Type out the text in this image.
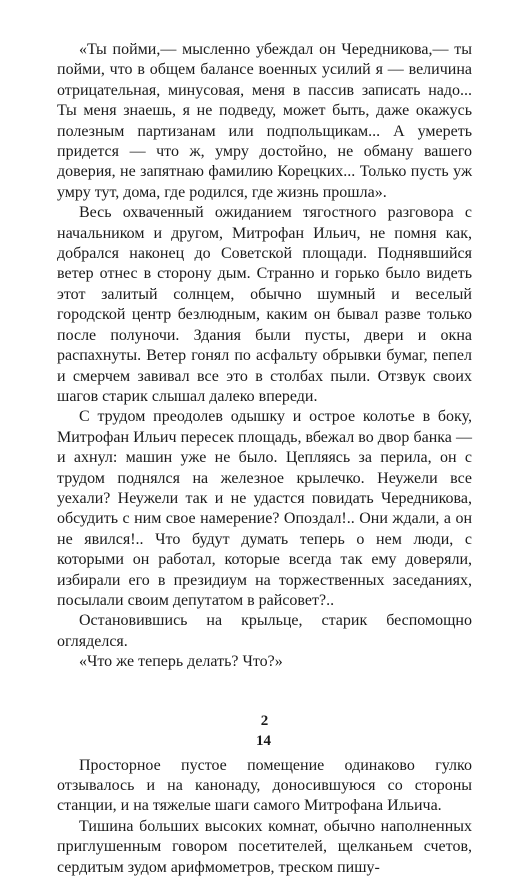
«Ты пойми,— мысленно убеждал он Чередникова,— ты пойми, что в общем балансе военных усилий я — величина отрицательная, минусовая, меня в пассив записать надо... Ты меня знаешь, я не подведу, может быть, даже окажусь полезным партизанам или подпольщикам... А умереть придется — что ж, умру достойно, не обману вашего доверия, не запятнаю фамилию Корецких... Только пусть уж умру тут, дома, где родился, где жизнь прошла».

Весь охваченный ожиданием тягостного разговора с начальником и другом, Митрофан Ильич, не помня как, добрался наконец до Советской площади. Поднявшийся ветер отнес в сторону дым. Странно и горько было видеть этот залитый солнцем, обычно шумный и веселый городской центр безлюдным, каким он бывал разве только после полуночи. Здания были пусты, двери и окна распахнуты. Ветер гонял по асфальту обрывки бумаг, пепел и смерчем завивал все это в столбах пыли. Отзвук своих шагов старик слышал далеко впереди.

С трудом преодолев одышку и острое колотье в боку, Митрофан Ильич пересек площадь, вбежал во двор банка — и ахнул: машин уже не было. Цепляясь за перила, он с трудом поднялся на железное крылечко. Неужели все уехали? Неужели так и не удастся повидать Чередникова, обсудить с ним свое намерение? Опоздал!.. Они ждали, а он не явился!.. Что будут думать теперь о нем люди, с которыми он работал, которые всегда так ему доверяли, избирали его в президиум на торжественных заседаниях, посылали своим депутатом в райсовет?..

Остановившись на крыльце, старик беспомощно огляделся.

«Что же теперь делать? Что?»

2

Просторное пустое помещение одинаково гулко отзывалось и на канонаду, доносившуюся со стороны станции, и на тяжелые шаги самого Митрофана Ильича.

Тишина больших высоких комнат, обычно наполненных приглушенным говором посетителей, щелканьем счетов, сердитым зудом арифмометров, треском пишу-

14
